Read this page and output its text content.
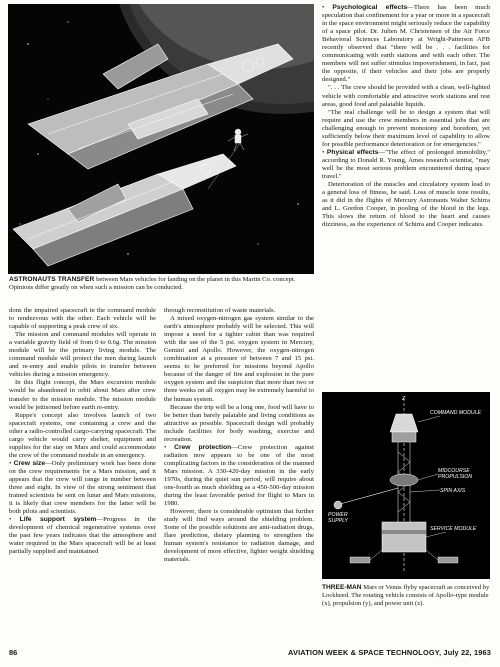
ASTRONAUTS TRANSFER between Mars vehicles for landing on the planet in this Martin Co. concept. Opinions differ greatly on when such a mission can be conducted.

dons the impaired spacecraft in the command module to rendezvous with the other. Each vehicle will be capable of supporting a peak crew of six.

The mission and command modules will operate in a variable gravity field of from 0 to 0.6g. The mission module will be the primary living module. The command module will protect the men during launch and re-entry and enable pilots to transfer between vehicles during a mission emergency.

In this flight concept, the Mars excursion module would be abandoned in orbit about Mars after crew transfer to the mission module. The mission module would be jettisoned before earth re-entry.

Ruppe's concept also involves launch of two spacecraft systems, one containing a crew and the other a radio-controlled cargo-carrying spacecraft. The cargo vehicle would carry shelter, equipment and supplies for the stay on Mars and could accommodate the crew of the command module in an emergency.

• Crew size—Only preliminary work has been done on the crew requirements for a Mars mission, and it appears that the crew will range in number between three and eight. In view of the strong sentiment that trained scientists be sent on lunar and Mars missions, it is likely that crew members for the latter will be both pilots and scientists.

• Life support system—Progress in the development of chemical regenerative systems over the past few years indicates that the atmosphere and water required in the Mars spacecraft will be at least partially supplied and maintained

through reconstitution of waste materials.

A mixed oxygen-nitrogen gas system similar to the earth's atmosphere probably will be selected. This will impose a need for a tighter cabin than was required with the use of the 5 psi. oxygen system in Mercury, Gemini and Apollo. However, the oxygen-nitrogen combination at a pressure of between 7 and 15 psi. seems to be preferred for missions beyond Apollo because of the danger of fire and explosion in the pure oxygen system and the suspicion that more than two or three weeks on all oxygen may be extremely harmful to the human system.

Because the trip will be a long one, food will have to be better than barely palatable and living conditions as attractive as possible. Spacecraft design will probably include facilities for body washing, exercise and recreation.

• Crew protection—Crew protection against radiation now appears to be one of the most complicating factors in the consideration of the manned Mars mission. A 330-420-day mission in the early 1970s, during the quiet sun period, will require about one-fourth as much shielding as a 450-500-day mission during the least favorable period for flight to Mars in 1980.

However, there is considerable optimism that further study will find ways around the shielding problem. Some of the possible solutions are anti-radiation drugs, flare prediction, dietary planning to strengthen the human system's resistance to radiation damage, and development of more effective, lighter weight shielding materials.

• Psychological effects—There has been much speculation that confinement for a year or more in a spacecraft in the space environment might seriously reduce the capability of a space pilot. Dr. Julien M. Christensen of the Air Force Behavioral Sciences Laboratory at Wright-Patterson AFB recently observed that "there will be . . . facilities for communicating with earth stations and with each other. The members will not suffer stimulus impoverishment, in fact, just the opposite, if their vehicles and their jobs are properly designed."

". . . The crew should be provided with a clean, well-lighted vehicle with comfortable and attractive work stations and rest areas, good food and palatable liquids.

"The real challenge will be to design a system that will require and use the crew members in essential jobs that are challenging enough to prevent monotony and boredom, yet sufficiently below their maximum level of capability to allow for possible performance deterioration or for emergencies."

• Physical effects—"The effect of prolonged immobility," according to Donald R. Young, Ames research scientist, "may well be the most serious problem encountered during space travel."

Deterioration of the muscles and circulatory system lead to a general loss of fitness, he said. Loss of muscle tone results, as it did in the flights of Mercury Astronauts Walter Schirra and L. Gordon Cooper, in pooling of the blood in the legs. This slows the return of blood to the heart and causes dizziness, as the experience of Schirra and Cooper indicates.

Z
COMMAND MODULE
MIDCOURSE
PROPULSION
SPIN AXIS
POWER
SUPPLY
SERVICE MODULE
THREE-MAN Mars or Venus flyby spacecraft as conceived by Lockheed. The rotating vehicle consists of Apollo-type module (x), propulsion (y), and power unit (z).
86	AVIATION WEEK & SPACE TECHNOLOGY, July 22, 1963
